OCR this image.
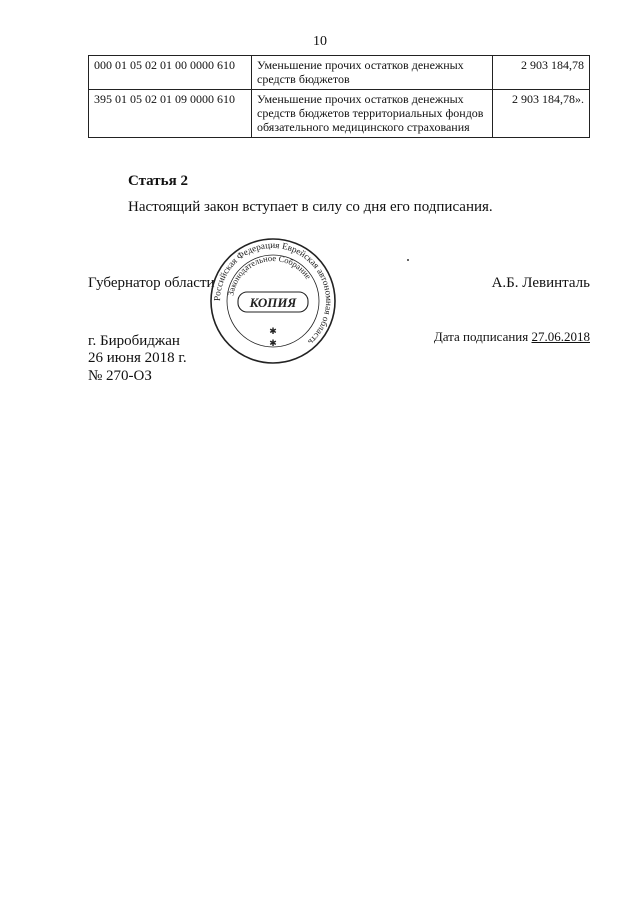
10
000 01 05 02 01 00 0000 610	Уменьшение прочих остатков денежных средств бюджетов	2 903 184,78
395 01 05 02 01 09 0000 610	Уменьшение прочих остатков денежных средств бюджетов территориальных фондов обязательного медицинского страхования	2 903 184,78».
Статья 2
Настоящий закон вступает в силу со дня его подписания.
Губернатор области	А.Б. Левинталь
Российская Федерация Еврейская автономная область
Законодательное Собрание
КОПИЯ
✱
✱
г. Биробиджан
26 июня 2018 г.
№ 270-ОЗ
Дата подписания 27.06.2018
